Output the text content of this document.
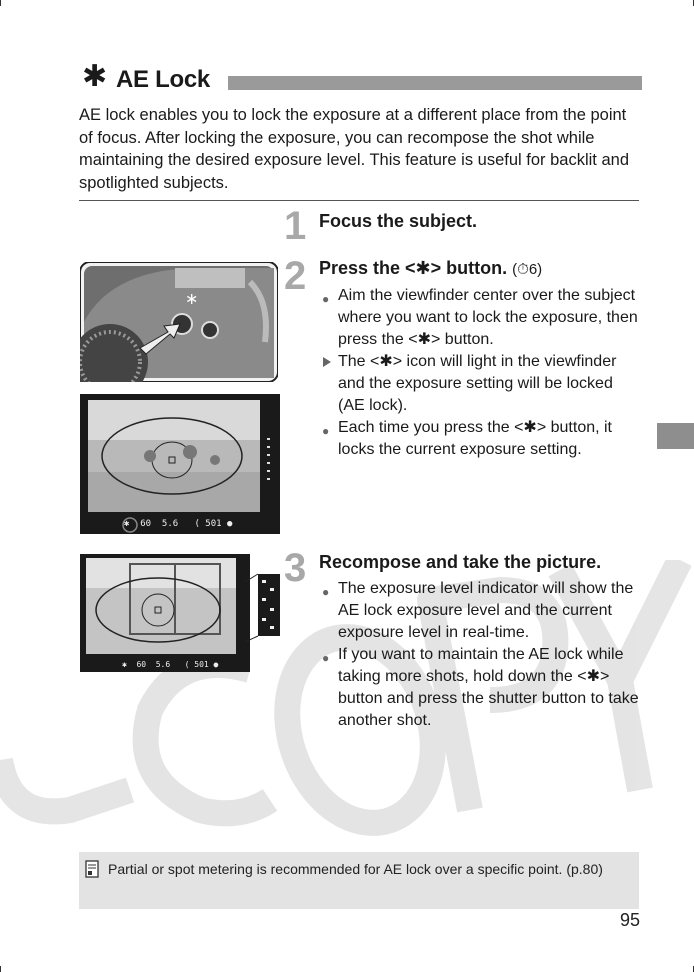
✱ AE Lock
AE lock enables you to lock the exposure at a different place from the point of focus. After locking the exposure, you can recompose the shot while maintaining the desired exposure level. This feature is useful for backlit and spotlighted subjects.
1 Focus the subject.
2 Press the <✱> button. (⏱6)
● Aim the viewfinder center over the subject where you want to lock the exposure, then press the <✱> button.
The <✱> icon will light in the viewfinder and the exposure setting will be locked (AE lock).
● Each time you press the <✱> button, it locks the current exposure setting.
3 Recompose and take the picture.
● The exposure level indicator will show the AE lock exposure level and the current exposure level in real-time.
● If you want to maintain the AE lock while taking more shots, hold down the <✱> button and press the shutter button to take another shot.
∗
✱  60  5.6   ( 501 ●
✱  60  5.6   ( 501 ●
Partial or spot metering is recommended for AE lock over a specific point. (p.80)
95
